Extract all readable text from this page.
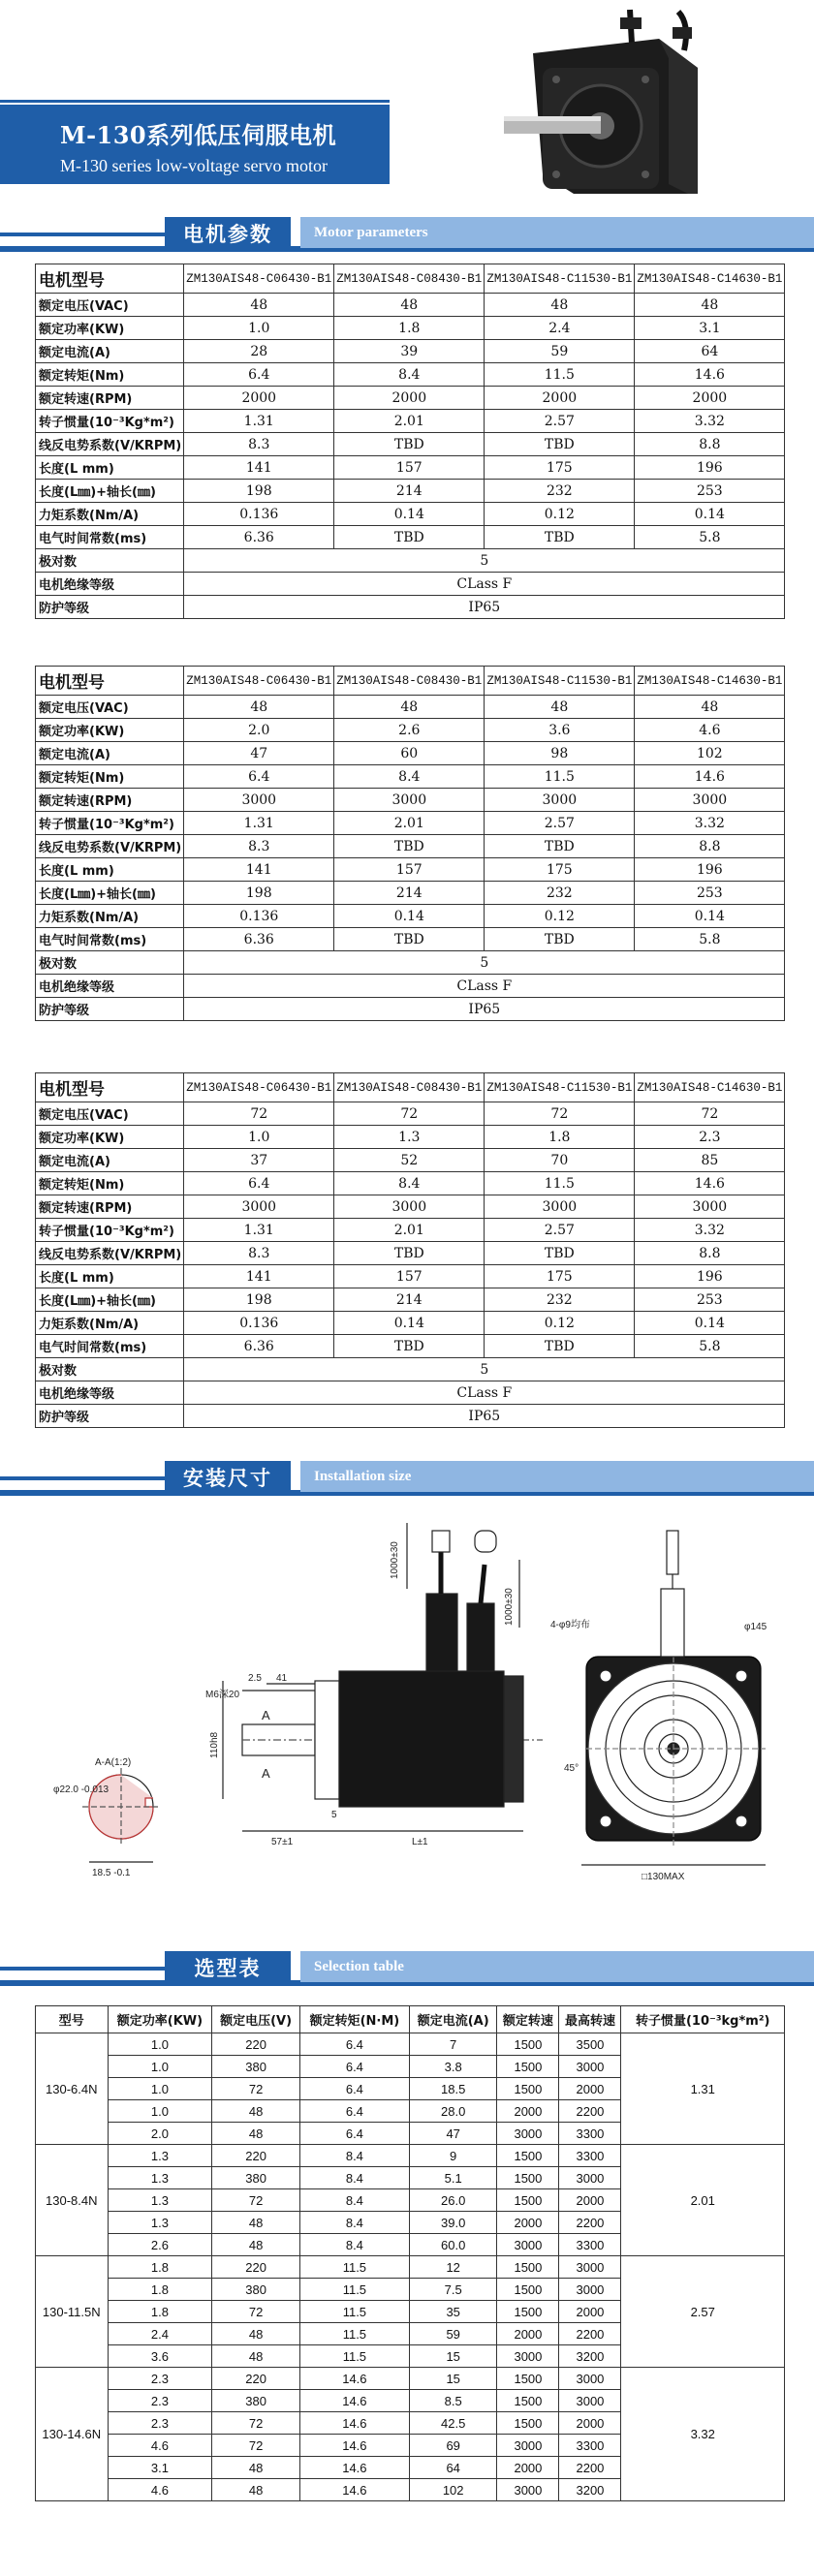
M-130系列低压伺服电机
M-130 series low-voltage servo motor
电机参数	Motor parameters
电机型号	ZM130AIS48-C06430-B1	ZM130AIS48-C08430-B1	ZM130AIS48-C11530-B1	ZM130AIS48-C14630-B1
额定电压(VAC)	48	48	48	48
额定功率(KW)	1.0	1.8	2.4	3.1
额定电流(A)	28	39	59	64
额定转矩(Nm)	6.4	8.4	11.5	14.6
额定转速(RPM)	2000	2000	2000	2000
转子惯量(10⁻³Kg*m²)	1.31	2.01	2.57	3.32
线反电势系数(V/KRPM)	8.3	TBD	TBD	8.8
长度(L mm)	141	157	175	196
长度(L㎜)+轴长(㎜)	198	214	232	253
力矩系数(Nm/A)	0.136	0.14	0.12	0.14
电气时间常数(ms)	6.36	TBD	TBD	5.8
极对数	5			
电机绝缘等级	CLass F			
防护等级	IP65			
电机型号	ZM130AIS48-C06430-B1	ZM130AIS48-C08430-B1	ZM130AIS48-C11530-B1	ZM130AIS48-C14630-B1
额定电压(VAC)	48	48	48	48
额定功率(KW)	2.0	2.6	3.6	4.6
额定电流(A)	47	60	98	102
额定转矩(Nm)	6.4	8.4	11.5	14.6
额定转速(RPM)	3000	3000	3000	3000
转子惯量(10⁻³Kg*m²)	1.31	2.01	2.57	3.32
线反电势系数(V/KRPM)	8.3	TBD	TBD	8.8
长度(L mm)	141	157	175	196
长度(L㎜)+轴长(㎜)	198	214	232	253
力矩系数(Nm/A)	0.136	0.14	0.12	0.14
电气时间常数(ms)	6.36	TBD	TBD	5.8
极对数	5			
电机绝缘等级	CLass F			
防护等级	IP65			
电机型号	ZM130AIS48-C06430-B1	ZM130AIS48-C08430-B1	ZM130AIS48-C11530-B1	ZM130AIS48-C14630-B1
额定电压(VAC)	72	72	72	72
额定功率(KW)	1.0	1.3	1.8	2.3
额定电流(A)	37	52	70	85
额定转矩(Nm)	6.4	8.4	11.5	14.6
额定转速(RPM)	3000	3000	3000	3000
转子惯量(10⁻³Kg*m²)	1.31	2.01	2.57	3.32
线反电势系数(V/KRPM)	8.3	TBD	TBD	8.8
长度(L mm)	141	157	175	196
长度(L㎜)+轴长(㎜)	198	214	232	253
力矩系数(Nm/A)	0.136	0.14	0.12	0.14
电气时间常数(ms)	6.36	TBD	TBD	5.8
极对数	5			
电机绝缘等级	CLass F			
防护等级	IP65			
安装尺寸	Installation size
1000±30
1000±30
2.5 41
M6深20
110h8
57±1	L±1
5
A-A(1:2)
φ22.0 -0.013
18.5 -0.1
A
A
4-φ9均布	φ145
□130MAX
45°
选型表	Selection table
型号	额定功率(KW)	额定电压(V)	额定转矩(N·M)	额定电流(A)	额定转速	最高转速	转子惯量(10⁻³kg*m²)
130-6.4N	1.0	220	6.4	7	1500	3500	1.31
	1.0	380	6.4	3.8	1500	3000	
	1.0	72	6.4	18.5	1500	2000	
	1.0	48	6.4	28.0	2000	2200	
	2.0	48	6.4	47	3000	3300	
130-8.4N	1.3	220	8.4	9	1500	3300	2.01
	1.3	380	8.4	5.1	1500	3000	
	1.3	72	8.4	26.0	1500	2000	
	1.3	48	8.4	39.0	2000	2200	
	2.6	48	8.4	60.0	3000	3300	
130-11.5N	1.8	220	11.5	12	1500	3000	2.57
	1.8	380	11.5	7.5	1500	3000	
	1.8	72	11.5	35	1500	2000	
	2.4	48	11.5	59	2000	2200	
	3.6	48	11.5	15	3000	3200	
130-14.6N	2.3	220	14.6	15	1500	3000	3.32
	2.3	380	14.6	8.5	1500	3000	
	2.3	72	14.6	42.5	1500	2000	
	4.6	72	14.6	69	3000	3300	
	3.1	48	14.6	64	2000	2200	
	4.6	48	14.6	102	3000	3200	
